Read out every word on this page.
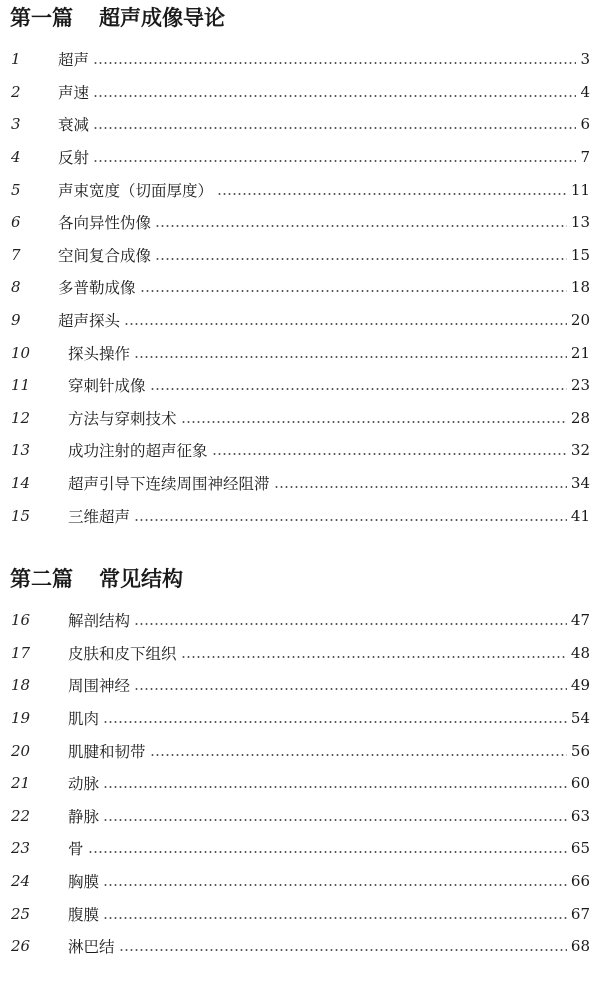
第一篇 超声成像导论
1	超声	3
2	声速	4
3	衰减	6
4	反射	7
5	声束宽度（切面厚度）	11
6	各向异性伪像	13
7	空间复合成像	15
8	多普勒成像	18
9	超声探头	20
10	探头操作	21
11	穿刺针成像	23
12	方法与穿刺技术	28
13	成功注射的超声征象	32
14	超声引导下连续周围神经阻滞	34
15	三维超声	41
第二篇 常见结构
16	解剖结构	47
17	皮肤和皮下组织	48
18	周围神经	49
19	肌肉	54
20	肌腱和韧带	56
21	动脉	60
22	静脉	63
23	骨	65
24	胸膜	66
25	腹膜	67
26	淋巴结	68
